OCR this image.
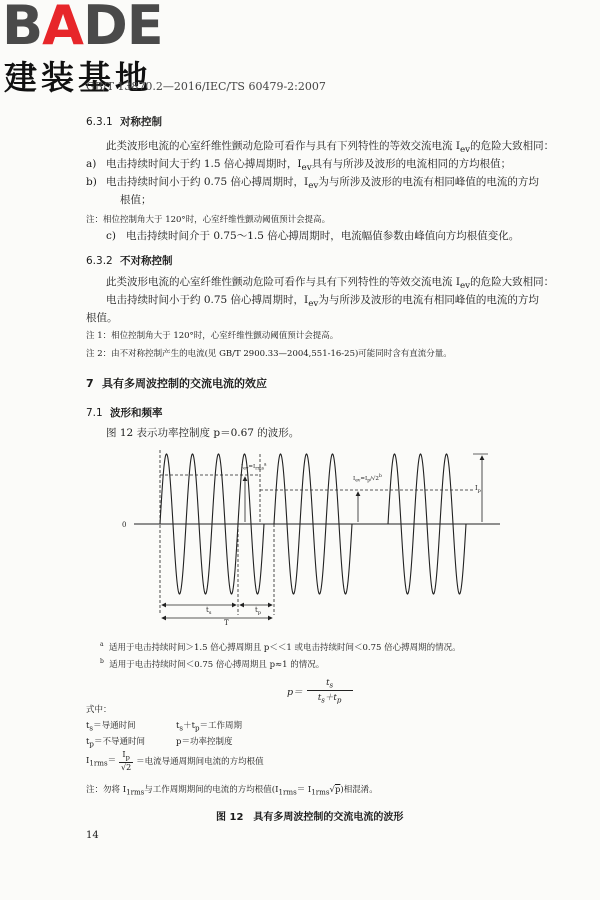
BADE
建装基地
GB/T 13870.2—2016/IEC/TS 60479-2:2007
6.3.1 对称控制
此类波形电流的心室纤维性颤动危险可看作与具有下列特性的等效交流电流 $I_{ev}$的危险大致相同：
a) 电击持续时间大于约 1.5 倍心搏周期时，$I_{ev}$具有与所涉及波形的电流相同的方均根值；
b) 电击持续时间小于约 0.75 倍心搏周期时，$I_{ev}$为与所涉及波形的电流有相同峰值的电流的方均
根值；
注：相位控制角大于 120°时，心室纤维性颤动阈值预计会提高。
c) 电击持续时间介于 0.75～1.5 倍心搏周期时，电流幅值参数由峰值向方均根值变化。
6.3.2 不对称控制
此类波形电流的心室纤维性颤动危险可看作与具有下列特性的等效交流电流 $I_{ev}$的危险大致相同：
电击持续时间小于约 0.75 倍心搏周期时，$I_{ev}$为与所涉及波形的电流有相同峰值的电流的方均
根值。
注 1：相位控制角大于 120°时，心室纤维性颤动阈值预计会提高。
注 2：由不对称控制产生的电流(见 GB/T 2900.33—2004,551-16-25)可能同时含有直流分量。
7 具有多周波控制的交流电流的效应
7.1 波形和频率
图 12 表示功率控制度 p＝0.67 的波形。
0
$t_s$	$t_p$
T
$I_p$
$I_{ev}=I_{rms}^a$
$I_{ev}=I_p/√2^b$
$^a$ 适用于电击持续时间＞1.5 倍心搏周期且 p＜＜1 或电击持续时间＜0.75 倍心搏周期的情况。
$^b$ 适用于电击持续时间＜0.75 倍心搏周期且 p≈1 的情况。
p＝
$t_s$
$t_s+t_p$
式中：
$t_s=$导通时间	$t_s+t_p=$工作周期
$t_p=$不导通时间	p＝功率控制度
$I_{1rms}=$
$I_p$
√2
＝电流导通周期间电流的方均根值
注：勿将 $I_{1rms}$与工作周期期间的电流的方均根值$(I_{1rms}= I_{1rms}√p)$相混淆。
图 12　具有多周波控制的交流电流的波形
14
